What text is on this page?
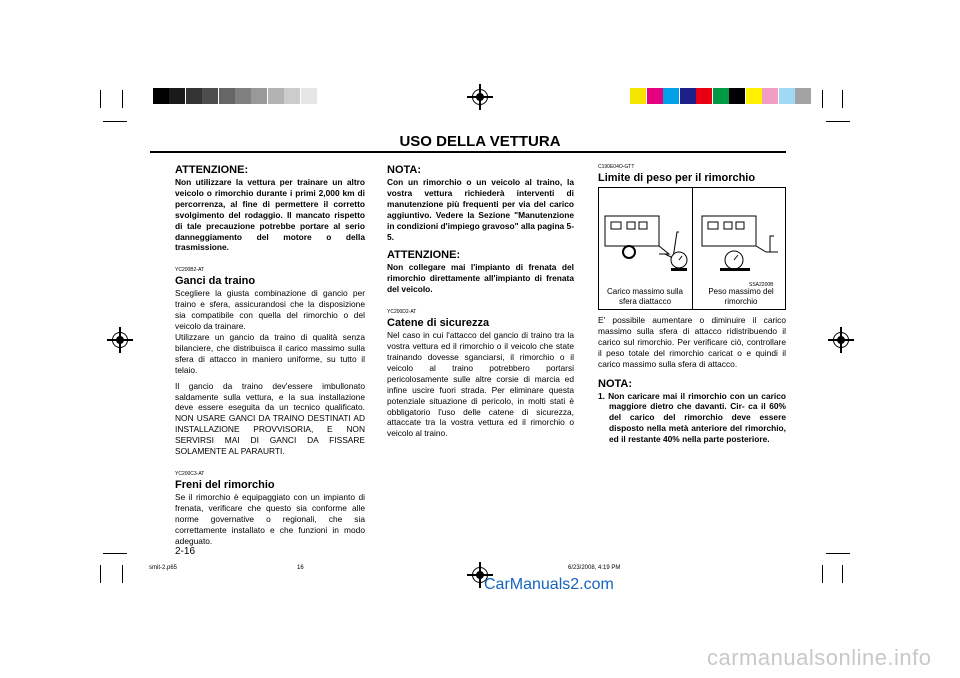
USO DELLA VETTURA
ATTENZIONE:

Non utilizzare la vettura per trainare un altro veicolo o rimorchio durante i primi 2,000 km di percorrenza, al fine di permettere il corretto svolgimento del rodaggio. Il mancato rispetto di tale precauzione potrebbe portare al serio danneggiamento del motore o della trasmissione.

YC200B2-AT
Ganci da traino

Scegliere la giusta combinazione di gancio per traino e sfera, assicurandosi che la disposizione sia compatibile con quella del rimorchio o del veicolo da trainare.

Utilizzare un gancio da traino di qualità senza bilanciere, che distribuisca il carico massimo sulla sfera di attacco in maniero uniforme, su tutto il telaio.

Il gancio da traino dev'essere imbullonato saldamente sulla vettura, e la sua installazione deve essere eseguita da un tecnico qualificato. NON USARE GANCI DA TRAINO DESTINATI AD INSTALLAZIONE PROVVISORIA, E NON SERVIRSI MAI DI GANCI DA FISSARE SOLAMENTE AL PARAURTI.

YC200C3-AT
Freni del rimorchio

Se il rimorchio è equipaggiato con un impianto di frenata, verificare che questo sia conforme alle norme governative o regionali, che sia correttamente installato e che funzioni in modo adeguato.

2-16
NOTA:

Con un rimorchio o un veicolo al traino, la vostra vettura richiederà interventi di manutenzione più frequenti per via del carico aggiuntivo. Vedere la Sezione "Manutenzione in condizioni d'impiego gravoso" alla pagina 5-5.

ATTENZIONE:

Non collegare mai l'impianto di frenata del rimorchio direttamente all'impianto di frenata del veicolo.

YC200D2-AT
Catene di sicurezza

Nel caso in cui l'attacco del gancio di traino tra la vostra vettura ed il rimorchio o il veicolo che state trainando dovesse sganciarsi, il rimorchio o il veicolo al traino potrebbero portarsi pericolosamente sulle altre corsie di marcia ed infine uscire fuori strada. Per eliminare questa potenziale situazione di pericolo, in molti stati è obbligatorio l'uso delle catene di sicurezza, attaccate tra la vostra vettura ed il rimorchio o veicolo al traino.

C190E04O-GTT
Limite di peso per il rimorchio
SSA2200B
Carico massimo sulla sfera diattacco
Peso massimo del rimorchio

E' possibile aumentare o diminuire il carico massimo sulla sfera di attacco ridistribuendo il carico sul rimorchio. Per verificare ciò, controllare il peso totale del rimorchio caricat o e quindi il carico massimo sulla sfera di attacco.

NOTA:

1. Non caricare mai il rimorchio con un carico maggiore dietro che davanti. Cir- ca il 60% del carico del rimorchio deve essere disposto nella metà anteriore del rimorchio, ed il restante 40% nella parte posteriore.

smit-2.p65	16	6/23/2008, 4:19 PM
CarManuals2.com
carmanualsonline.info
